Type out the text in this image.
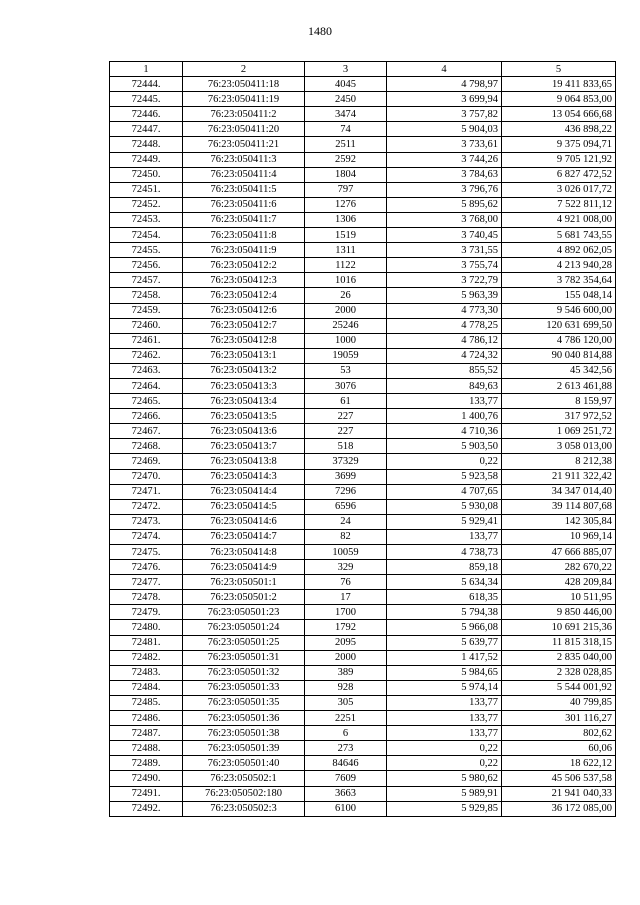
1480
1	2	3	4	5
72444.	76:23:050411:18	4045	4 798,97	19 411 833,65
72445.	76:23:050411:19	2450	3 699,94	9 064 853,00
72446.	76:23:050411:2	3474	3 757,82	13 054 666,68
72447.	76:23:050411:20	74	5 904,03	436 898,22
72448.	76:23:050411:21	2511	3 733,61	9 375 094,71
72449.	76:23:050411:3	2592	3 744,26	9 705 121,92
72450.	76:23:050411:4	1804	3 784,63	6 827 472,52
72451.	76:23:050411:5	797	3 796,76	3 026 017,72
72452.	76:23:050411:6	1276	5 895,62	7 522 811,12
72453.	76:23:050411:7	1306	3 768,00	4 921 008,00
72454.	76:23:050411:8	1519	3 740,45	5 681 743,55
72455.	76:23:050411:9	1311	3 731,55	4 892 062,05
72456.	76:23:050412:2	1122	3 755,74	4 213 940,28
72457.	76:23:050412:3	1016	3 722,79	3 782 354,64
72458.	76:23:050412:4	26	5 963,39	155 048,14
72459.	76:23:050412:6	2000	4 773,30	9 546 600,00
72460.	76:23:050412:7	25246	4 778,25	120 631 699,50
72461.	76:23:050412:8	1000	4 786,12	4 786 120,00
72462.	76:23:050413:1	19059	4 724,32	90 040 814,88
72463.	76:23:050413:2	53	855,52	45 342,56
72464.	76:23:050413:3	3076	849,63	2 613 461,88
72465.	76:23:050413:4	61	133,77	8 159,97
72466.	76:23:050413:5	227	1 400,76	317 972,52
72467.	76:23:050413:6	227	4 710,36	1 069 251,72
72468.	76:23:050413:7	518	5 903,50	3 058 013,00
72469.	76:23:050413:8	37329	0,22	8 212,38
72470.	76:23:050414:3	3699	5 923,58	21 911 322,42
72471.	76:23:050414:4	7296	4 707,65	34 347 014,40
72472.	76:23:050414:5	6596	5 930,08	39 114 807,68
72473.	76:23:050414:6	24	5 929,41	142 305,84
72474.	76:23:050414:7	82	133,77	10 969,14
72475.	76:23:050414:8	10059	4 738,73	47 666 885,07
72476.	76:23:050414:9	329	859,18	282 670,22
72477.	76:23:050501:1	76	5 634,34	428 209,84
72478.	76:23:050501:2	17	618,35	10 511,95
72479.	76:23:050501:23	1700	5 794,38	9 850 446,00
72480.	76:23:050501:24	1792	5 966,08	10 691 215,36
72481.	76:23:050501:25	2095	5 639,77	11 815 318,15
72482.	76:23:050501:31	2000	1 417,52	2 835 040,00
72483.	76:23:050501:32	389	5 984,65	2 328 028,85
72484.	76:23:050501:33	928	5 974,14	5 544 001,92
72485.	76:23:050501:35	305	133,77	40 799,85
72486.	76:23:050501:36	2251	133,77	301 116,27
72487.	76:23:050501:38	6	133,77	802,62
72488.	76:23:050501:39	273	0,22	60,06
72489.	76:23:050501:40	84646	0,22	18 622,12
72490.	76:23:050502:1	7609	5 980,62	45 506 537,58
72491.	76:23:050502:180	3663	5 989,91	21 941 040,33
72492.	76:23:050502:3	6100	5 929,85	36 172 085,00
